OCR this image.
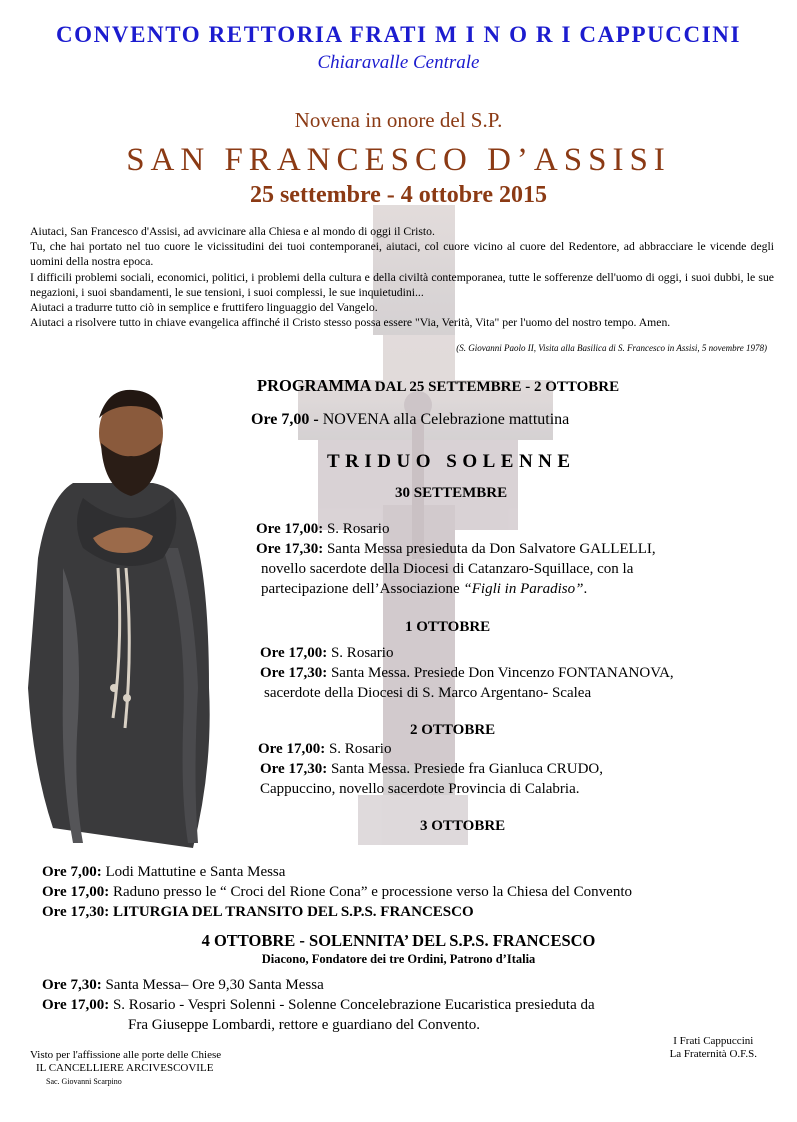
CONVENTO RETTORIA FRATI M I N O R I CAPPUCCINI
Chiaravalle Centrale
Novena in onore del S.P.
SAN FRANCESCO D’ASSISI
25 settembre - 4 ottobre 2015

Aiutaci, San Francesco d'Assisi, ad avvicinare alla Chiesa e al mondo di oggi il Cristo.

Tu, che hai portato nel tuo cuore le vicissitudini dei tuoi contemporanei, aiutaci, col cuore vicino al cuore del Redentore, ad abbracciare le vicende degli uomini della nostra epoca.

I difficili problemi sociali, economici, politici, i problemi della cultura e della civiltà contemporanea, tutte le sofferenze dell'uomo di oggi, i suoi dubbi, le sue negazioni, i suoi sbandamenti, le sue tensioni, i suoi complessi, le sue inquietudini...

Aiutaci a tradurre tutto ciò in semplice e fruttifero linguaggio del Vangelo.

Aiutaci a risolvere tutto in chiave evangelica affinché il Cristo stesso possa essere "Via, Verità, Vita" per l'uomo del nostro tempo. Amen.

(S. Giovanni Paolo II, Visita alla Basilica di S. Francesco in Assisi, 5 novembre 1978)
PROGRAMMA DAL 25 SETTEMBRE - 2 OTTOBRE
Ore 7,00 - NOVENA alla Celebrazione mattutina
TRIDUO SOLENNE
30 SETTEMBRE
Ore 17,00: S. Rosario
Ore 17,30: Santa Messa presieduta da Don Salvatore GALLELLI,
novello sacerdote della Diocesi di Catanzaro-Squillace, con la
partecipazione dell’Associazione “Figli in Paradiso”.
1 OTTOBRE
Ore 17,00: S. Rosario
Ore 17,30: Santa Messa. Presiede Don Vincenzo FONTANANOVA,
sacerdote della Diocesi di S. Marco Argentano- Scalea
2 OTTOBRE
Ore 17,00: S. Rosario
Ore 17,30: Santa Messa. Presiede fra Gianluca CRUDO,
Cappuccino, novello sacerdote Provincia di Calabria.
3 OTTOBRE
Ore 7,00: Lodi Mattutine e Santa Messa
Ore 17,00: Raduno presso le “ Croci del Rione Cona” e processione verso la Chiesa del Convento
Ore 17,30: LITURGIA DEL TRANSITO DEL S.P.S. FRANCESCO
4 OTTOBRE - SOLENNITA’ DEL S.P.S. FRANCESCO
Diacono, Fondatore dei tre Ordini, Patrono d’Italia
Ore 7,30: Santa Messa– Ore 9,30 Santa Messa
Ore 17,00: S. Rosario - Vespri Solenni - Solenne Concelebrazione Eucaristica presieduta da
Fra Giuseppe Lombardi, rettore e guardiano del Convento.
Visto per l'affissione alle porte delle Chiese
IL CANCELLIERE ARCIVESCOVILE
Sac. Giovanni Scarpino
I Frati Cappuccini
La Fraternità O.F.S.
